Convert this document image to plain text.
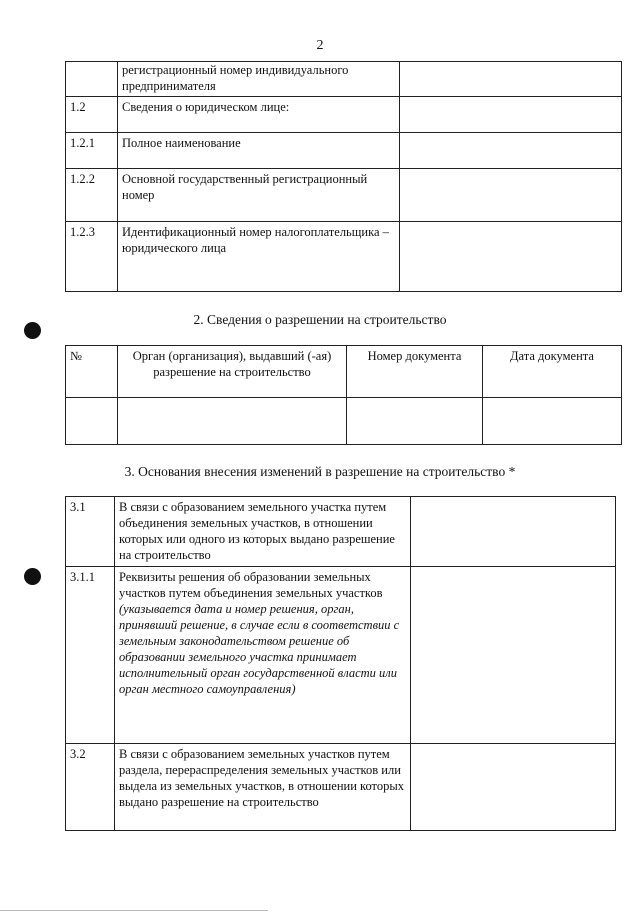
2
	регистрационный номер индивидуального предпринимателя	
1.2	Сведения о юридическом лице:	
1.2.1	Полное наименование	
1.2.2	Основной государственный регистрационный номер	
1.2.3	Идентификационный номер налогоплательщика – юридического лица	
2. Сведения о разрешении на строительство
№	Орган (организация), выдавший (-ая) разрешение на строительство	Номер документа	Дата документа

3. Основания внесения изменений в разрешение на строительство *
3.1	В связи с образованием земельного участка путем объединения земельных участков, в отношении которых или одного из которых выдано разрешение на строительство	
3.1.1	Реквизиты решения об образовании земельных участков путем объединения земельных участков (указывается дата и номер решения, орган, принявший решение, в случае если в соответствии с земельным законодательством решение об образовании земельного участка принимает исполнительный орган государственной власти или орган местного самоуправления)	
3.2	В связи с образованием земельных участков путем раздела, перераспределения земельных участков или выдела из земельных участков, в отношении которых выдано разрешение на строительство	
